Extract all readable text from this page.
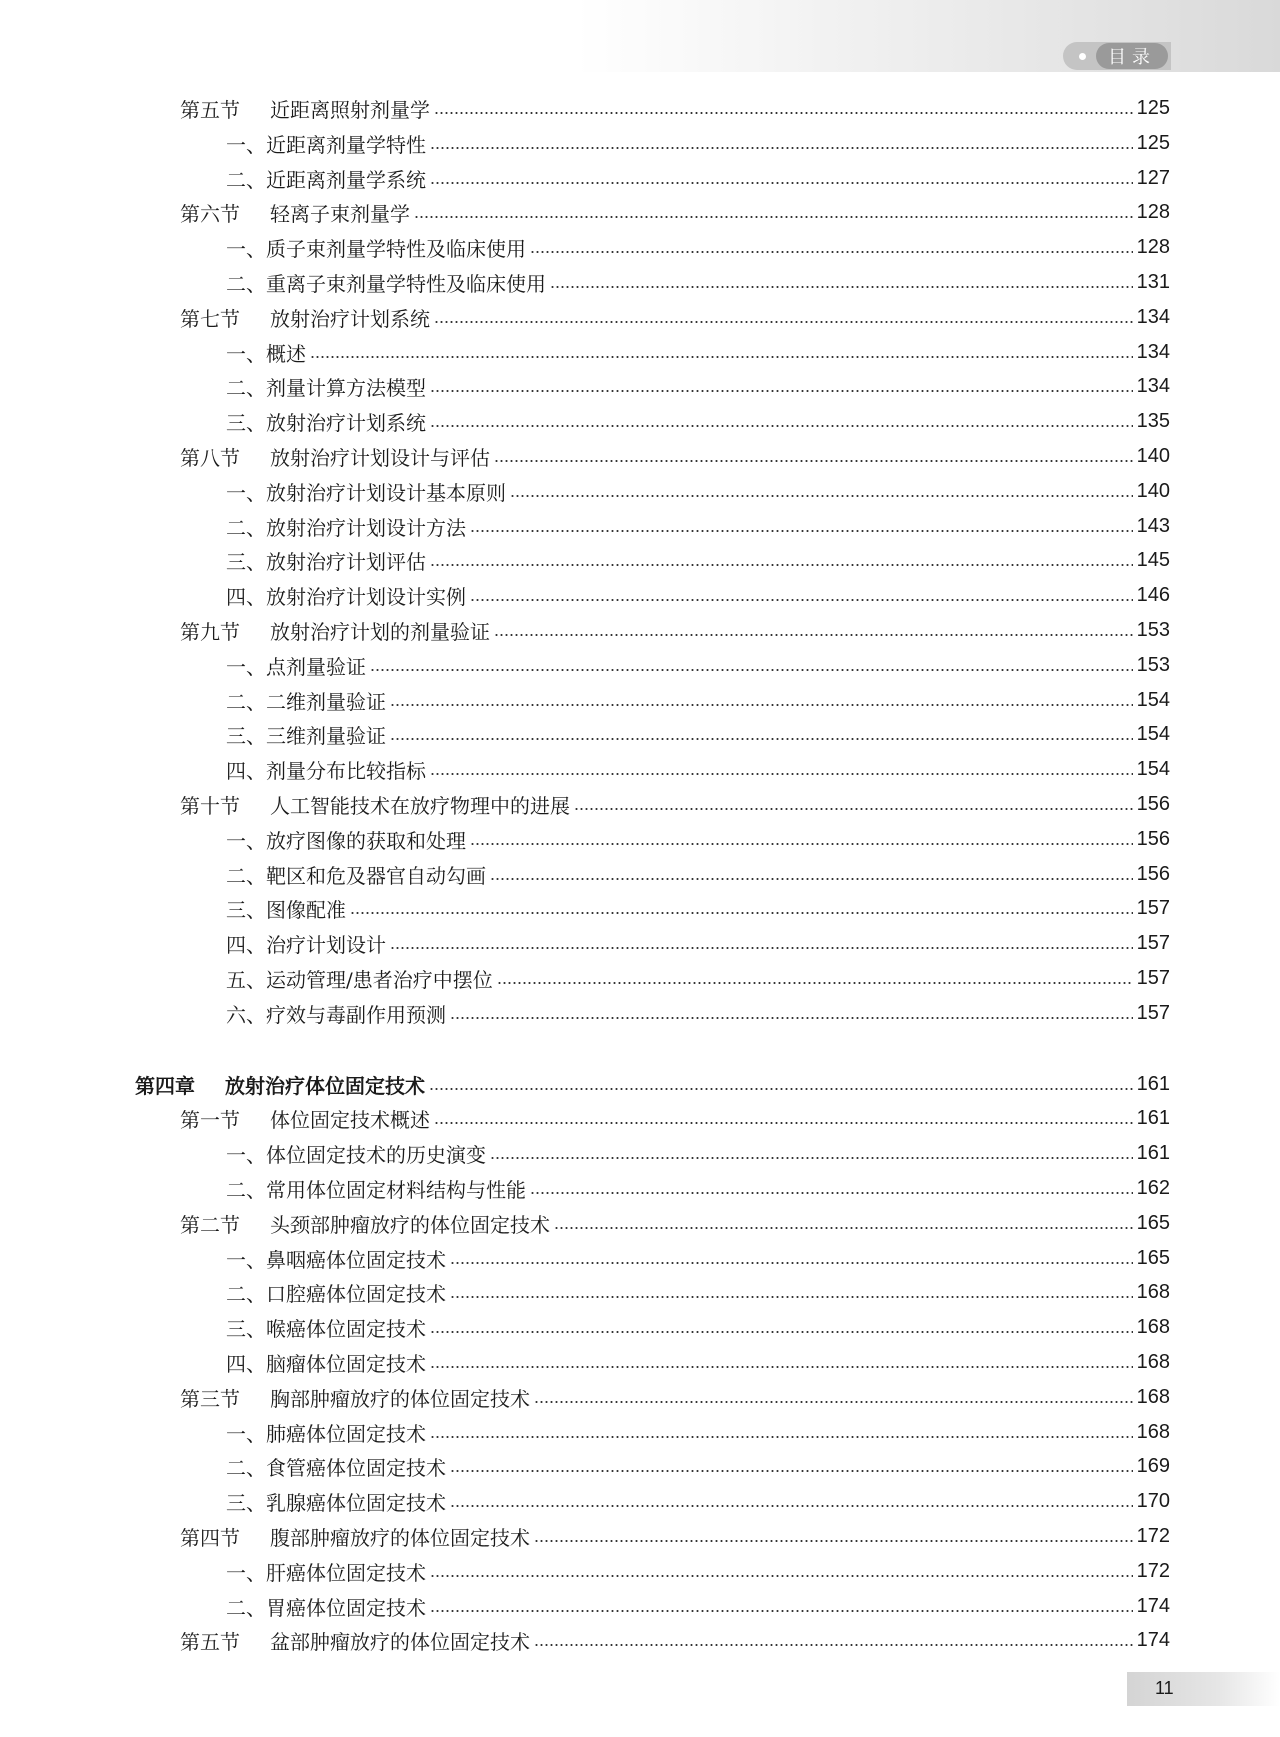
目录
第五节	近距离照射剂量学	125
一、近距离剂量学特性	125
二、近距离剂量学系统	127
第六节	轻离子束剂量学	128
一、质子束剂量学特性及临床使用	128
二、重离子束剂量学特性及临床使用	131
第七节	放射治疗计划系统	134
一、概述	134
二、剂量计算方法模型	134
三、放射治疗计划系统	135
第八节	放射治疗计划设计与评估	140
一、放射治疗计划设计基本原则	140
二、放射治疗计划设计方法	143
三、放射治疗计划评估	145
四、放射治疗计划设计实例	146
第九节	放射治疗计划的剂量验证	153
一、点剂量验证	153
二、二维剂量验证	154
三、三维剂量验证	154
四、剂量分布比较指标	154
第十节	人工智能技术在放疗物理中的进展	156
一、放疗图像的获取和处理	156
二、靶区和危及器官自动勾画	156
三、图像配准	157
四、治疗计划设计	157
五、运动管理/患者治疗中摆位	157
六、疗效与毒副作用预测	157
第四章	放射治疗体位固定技术	161
第一节	体位固定技术概述	161
一、体位固定技术的历史演变	161
二、常用体位固定材料结构与性能	162
第二节	头颈部肿瘤放疗的体位固定技术	165
一、鼻咽癌体位固定技术	165
二、口腔癌体位固定技术	168
三、喉癌体位固定技术	168
四、脑瘤体位固定技术	168
第三节	胸部肿瘤放疗的体位固定技术	168
一、肺癌体位固定技术	168
二、食管癌体位固定技术	169
三、乳腺癌体位固定技术	170
第四节	腹部肿瘤放疗的体位固定技术	172
一、肝癌体位固定技术	172
二、胃癌体位固定技术	174
第五节	盆部肿瘤放疗的体位固定技术	174
11
